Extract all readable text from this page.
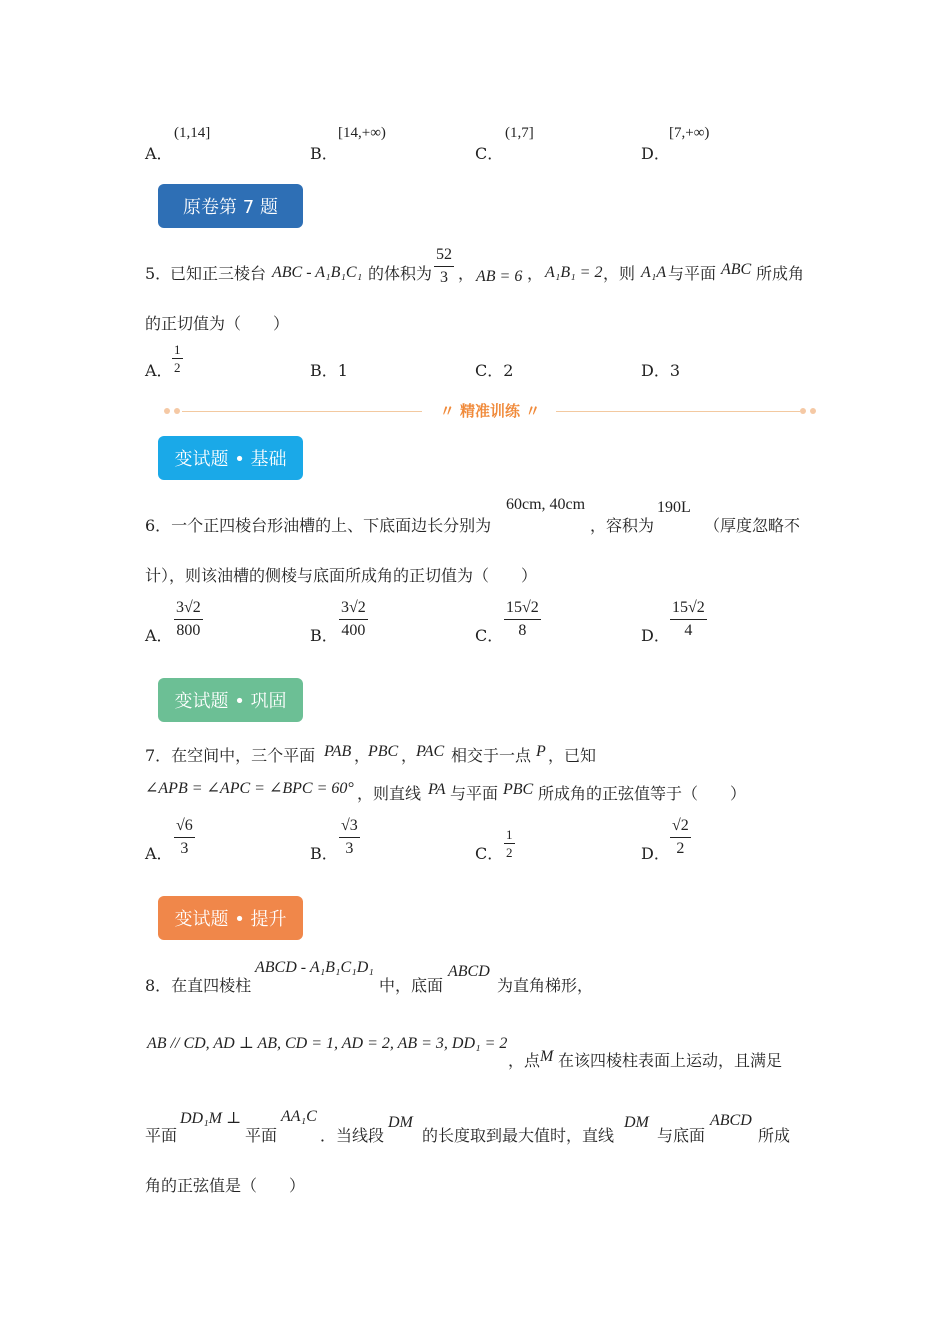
A．
(1,14]
B．
[14,+∞)
C．
(1,7]
D．
[7,+∞)
原卷第 7 题
5．
已知正三棱台 ABC - A₁B₁C₁ 的体积为 $\frac{52}{3}$ ， AB = 6 ， A₁B₁ = 2 ，则 A₁A 与平面 ABC 所成角
的正切值为（　　）
A． $\frac{1}{2}$	B．1	C．2	D．3
〃 精准训练 〃
变试题 • 基础
6．一个正四棱台形油槽的上、下底面边长分别为
60cm, 40cm
，容积为
190L
（厚度忽略不
计），则该油槽的侧棱与底面所成角的正切值为（　　）
A． $\frac{3√2}{800}$	B． $\frac{3√2}{400}$	C． $\frac{15√2}{8}$	D． $\frac{15√2}{4}$
变试题 • 巩固
7．在空间中，三个平面 PAB ，
PBC ，
PAC 相交于一点 P ，已知
∠APB = ∠APC = ∠BPC = 60° ，则直线 PA 与平面 PBC 所成角的正弦值等于（　　）
A． $\frac{√6}{3}$	B． $\frac{√3}{3}$	C． $\frac{1}{2}$	D． $\frac{√2}{2}$
变试题 • 提升
8．在直四棱柱
ABCD - A₁B₁C₁D₁
中，底面
ABCD
为直角梯形，
AB // CD, AD ⊥ AB, CD = 1, AD = 2, AB = 3, DD₁ = 2
，点 M 在该四棱柱表面上运动，且满足
平面
DD₁M ⊥
平面
AA₁C
．当线段
DM
的长度取到最大值时，直线
DM
与底面
ABCD
所成
角的正弦值是（　　）
